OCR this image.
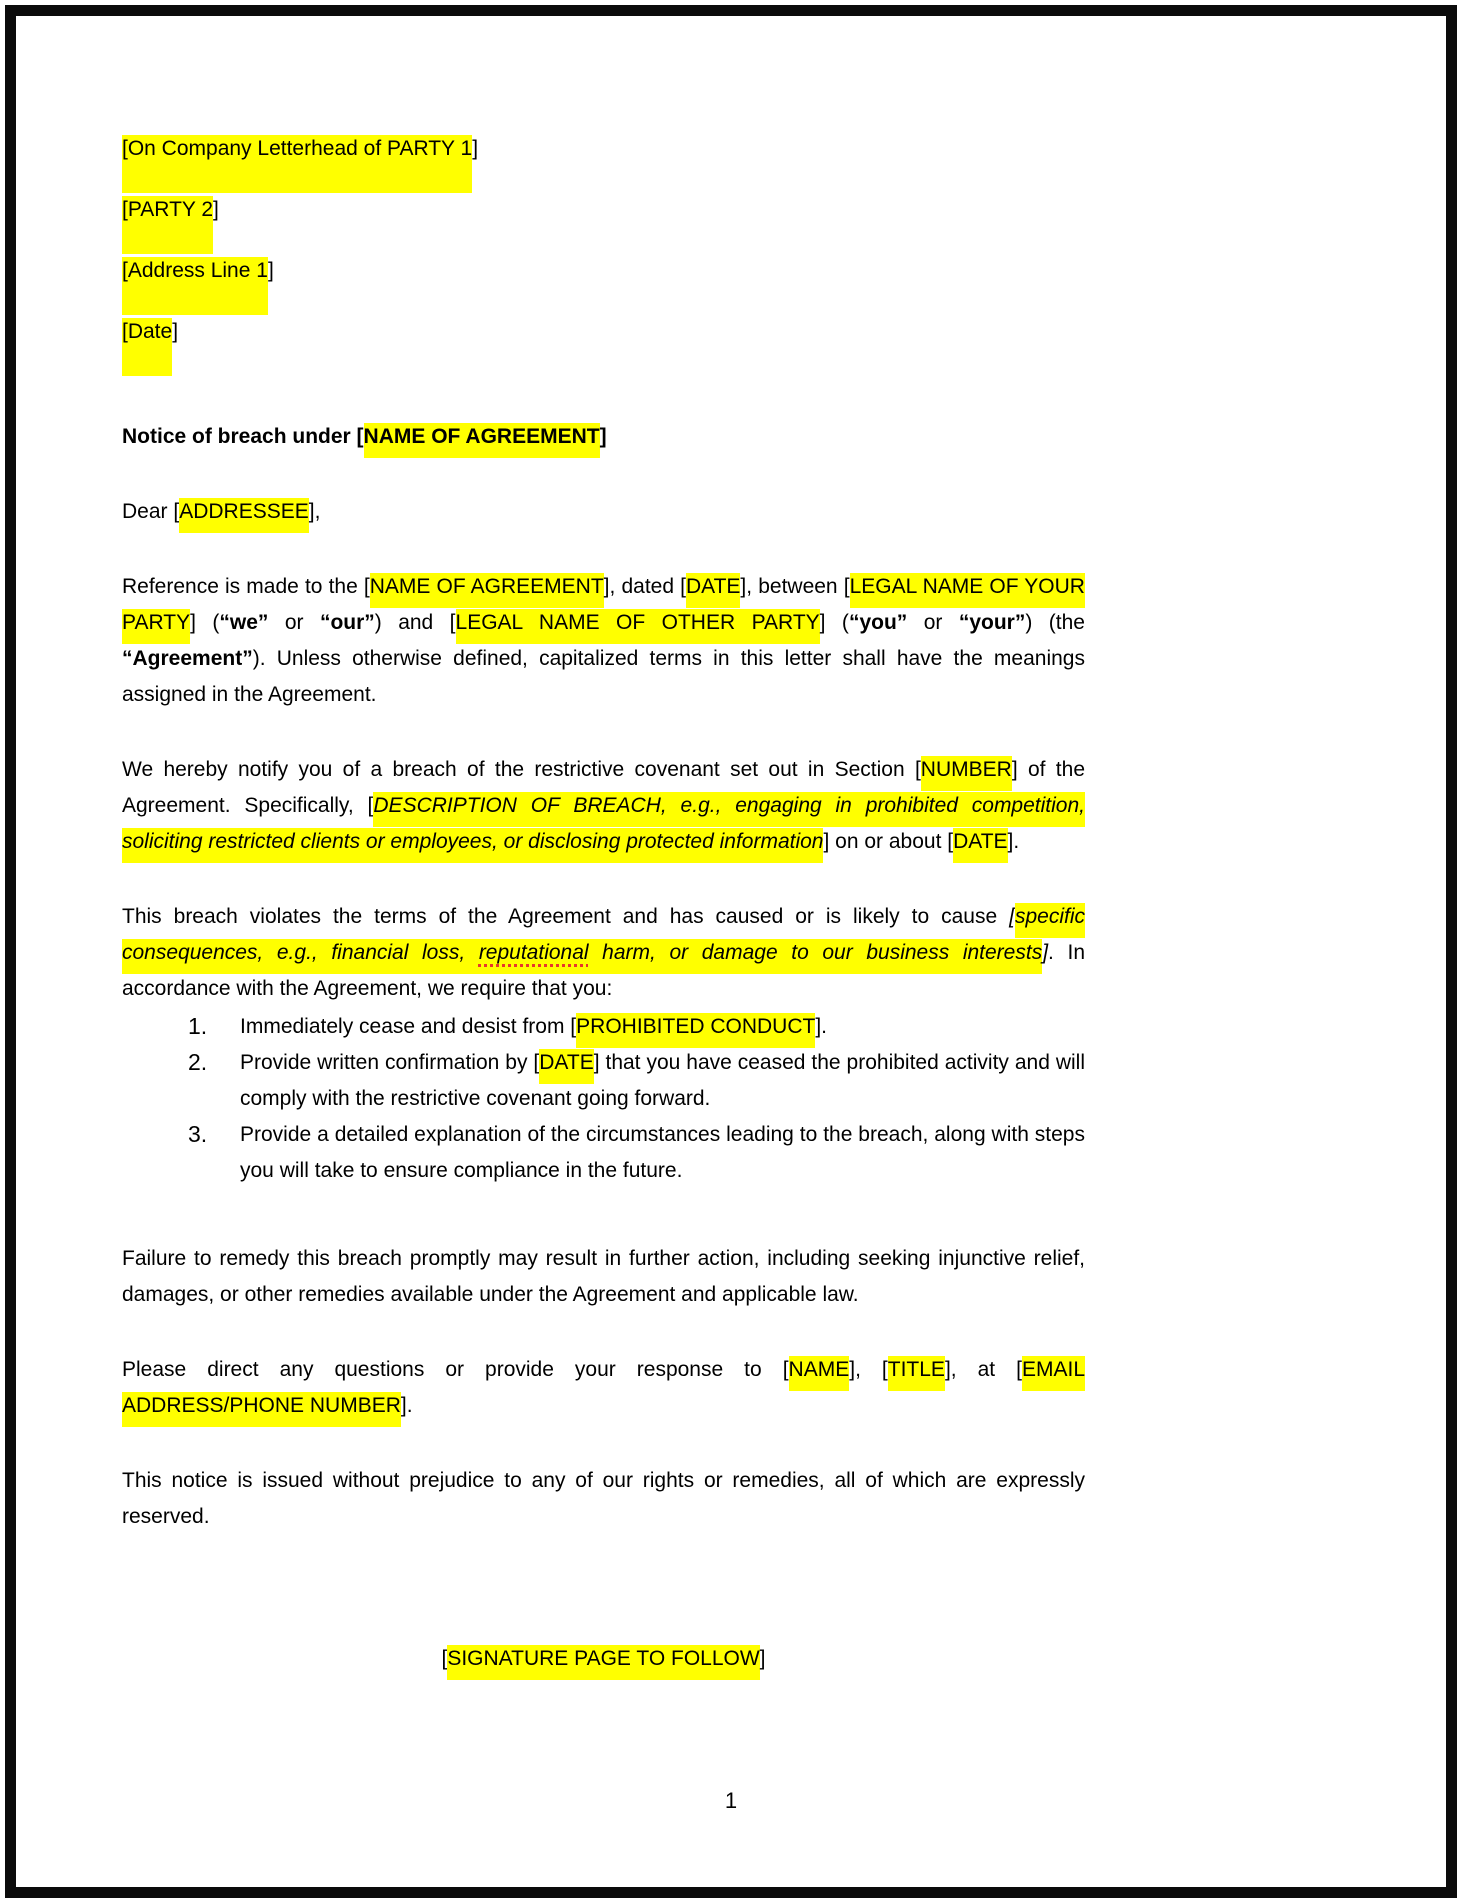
[On Company Letterhead of PARTY 1]
[PARTY 2]
[Address Line 1]
[Date]
Notice of breach under [NAME OF AGREEMENT]
Dear [ADDRESSEE],

Reference is made to the [NAME OF AGREEMENT], dated [DATE], between [LEGAL NAME OF YOUR PARTY] (“we” or “our”) and [LEGAL NAME OF OTHER PARTY] (“you” or “your”) (the “Agreement”). Unless otherwise defined, capitalized terms in this letter shall have the meanings assigned in the Agreement.

We hereby notify you of a breach of the restrictive covenant set out in Section [NUMBER] of the Agreement. Specifically, [DESCRIPTION OF BREACH, e.g., engaging in prohibited competition, soliciting restricted clients or employees, or disclosing protected information] on or about [DATE].

This breach violates the terms of the Agreement and has caused or is likely to cause [specific consequences, e.g., financial loss, reputational harm, or damage to our business interests]. In accordance with the Agreement, we require that you:

1. Immediately cease and desist from [PROHIBITED CONDUCT].
2. Provide written confirmation by [DATE] that you have ceased the prohibited activity and will comply with the restrictive covenant going forward.
3. Provide a detailed explanation of the circumstances leading to the breach, along with steps you will take to ensure compliance in the future.

Failure to remedy this breach promptly may result in further action, including seeking injunctive relief, damages, or other remedies available under the Agreement and applicable law.

Please direct any questions or provide your response to [NAME], [TITLE], at [EMAIL ADDRESS/PHONE NUMBER].

This notice is issued without prejudice to any of our rights or remedies, all of which are expressly reserved.

[SIGNATURE PAGE TO FOLLOW]
1
